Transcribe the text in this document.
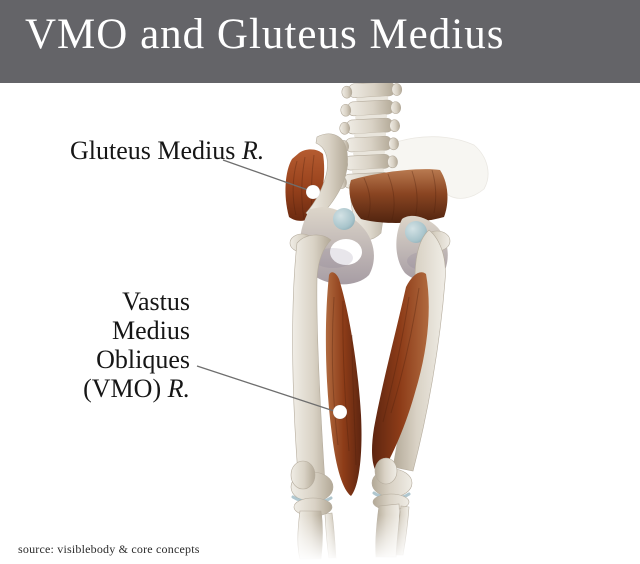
VMO and Gluteus Medius
Gluteus Medius R.
Vastus
Medius
Obliques
(VMO) R.
source: visiblebody & core concepts
